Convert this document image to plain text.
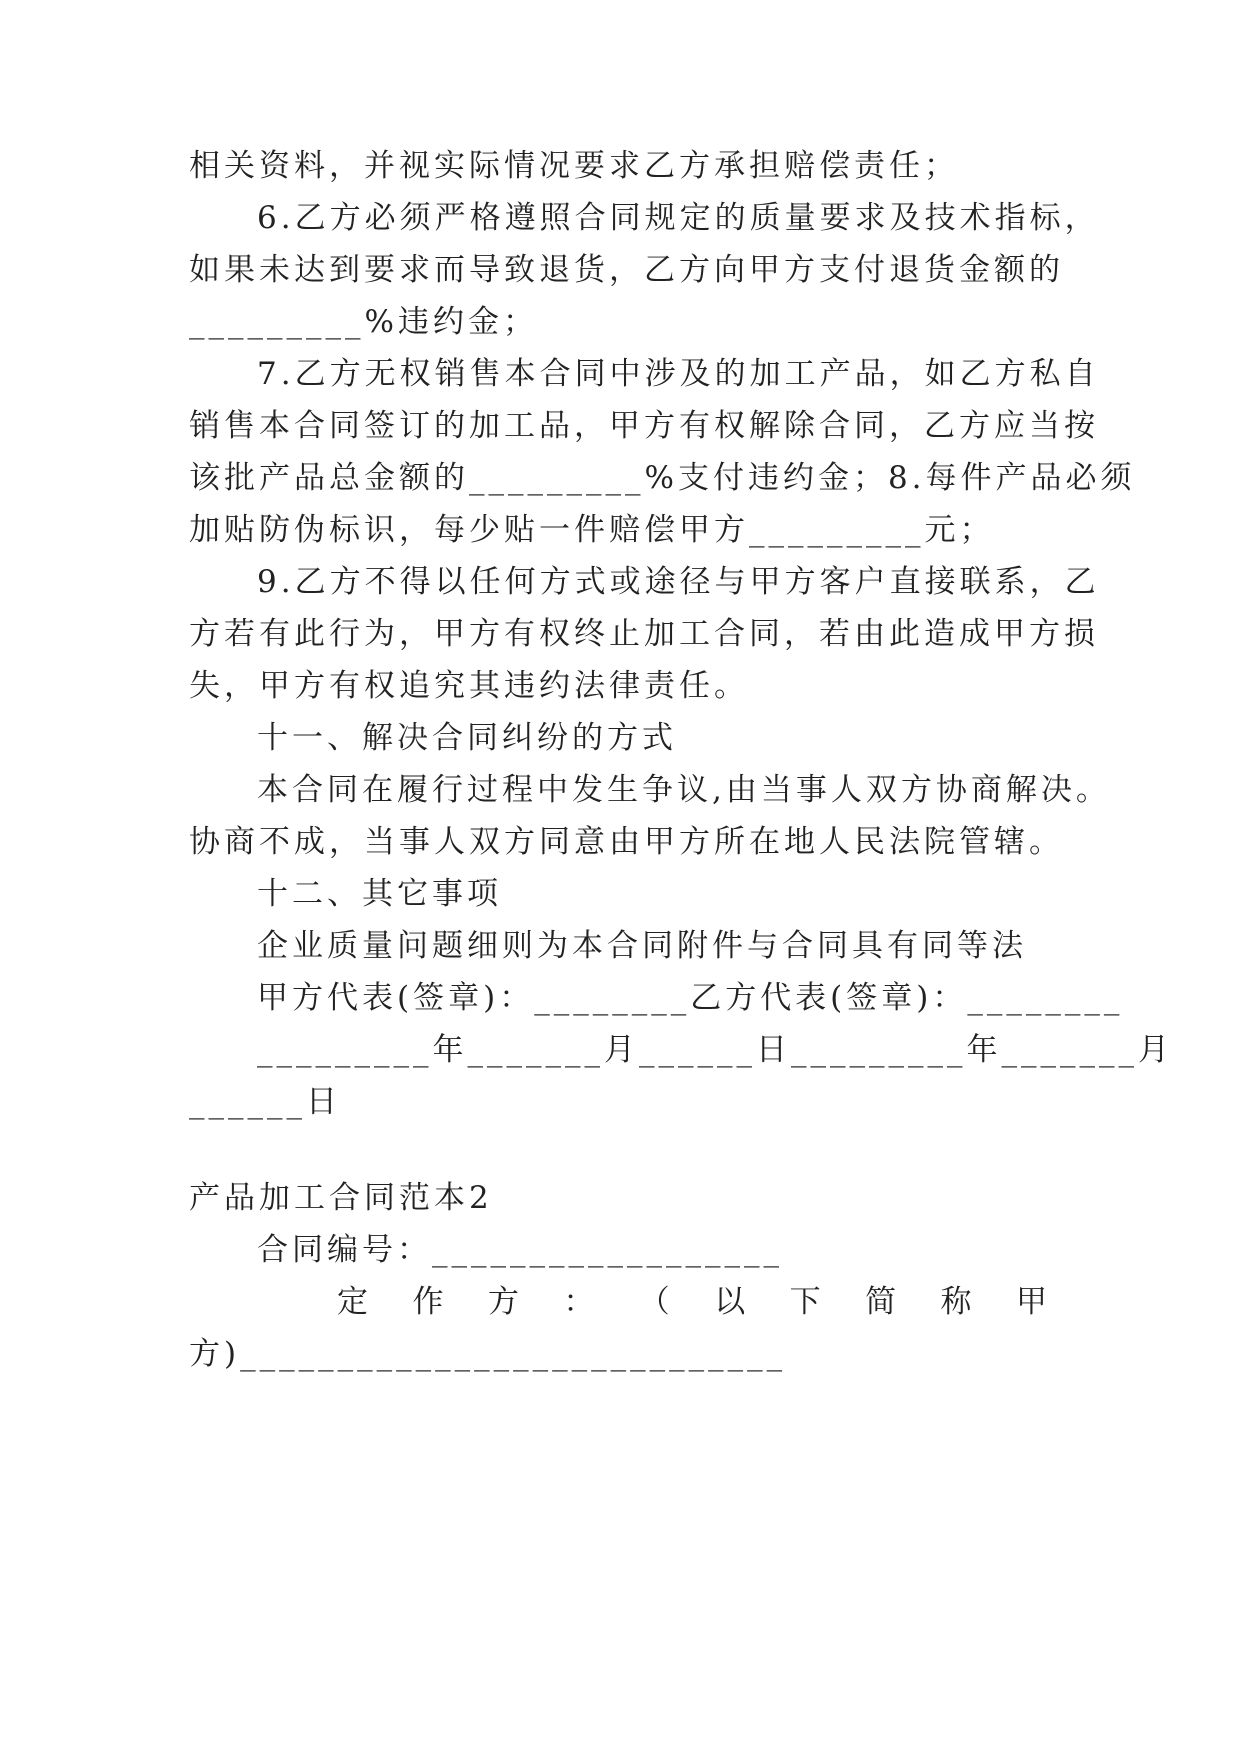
相关资料，并视实际情况要求乙方承担赔偿责任；
6.乙方必须严格遵照合同规定的质量要求及技术指标，
如果未达到要求而导致退货，乙方向甲方支付退货金额的
_________%违约金；
7.乙方无权销售本合同中涉及的加工产品，如乙方私自
销售本合同签订的加工品，甲方有权解除合同，乙方应当按
该批产品总金额的_________%支付违约金；8.每件产品必须
加贴防伪标识，每少贴一件赔偿甲方_________元；
9.乙方不得以任何方式或途径与甲方客户直接联系，乙
方若有此行为，甲方有权终止加工合同，若由此造成甲方损
失，甲方有权追究其违约法律责任。
十一、解决合同纠纷的方式
本合同在履行过程中发生争议,由当事人双方协商解决。
协商不成，当事人双方同意由甲方所在地人民法院管辖。
十二、其它事项
企业质量问题细则为本合同附件与合同具有同等法
甲方代表(签章)：________乙方代表(签章)：________
_________年_______月______日_________年_______月
______日
产品加工合同范本2
合同编号：__________________
定 作 方 ： （ 以 下 简 称 甲
方)____________________________
